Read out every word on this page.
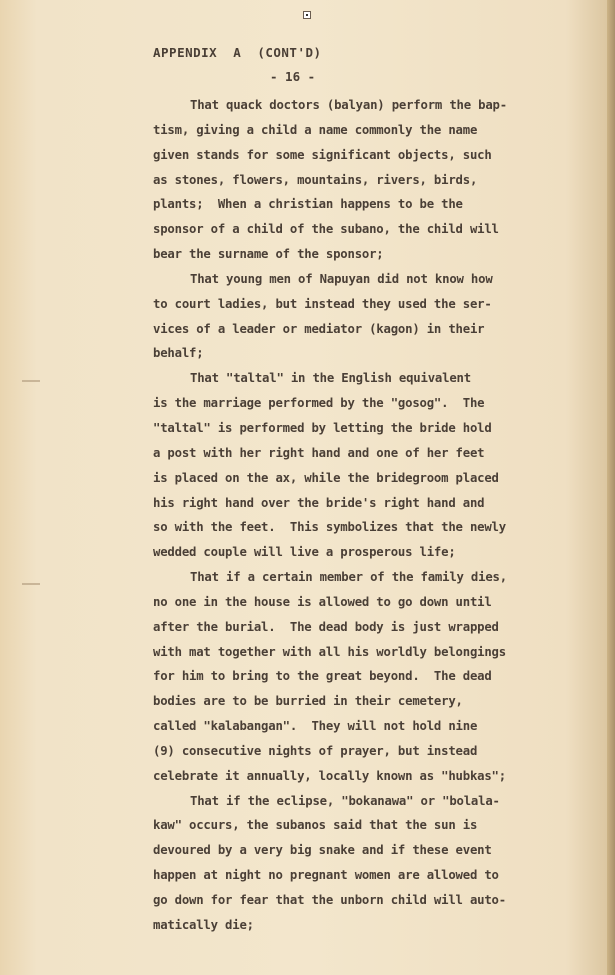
APPENDIX  A  (CONT'D)
- 16 -
That quack doctors (balyan) perform the bap-
tism, giving a child a name commonly the name
given stands for some significant objects, such
as stones, flowers, mountains, rivers, birds,
plants;  When a christian happens to be the
sponsor of a child of the subano, the child will
bear the surname of the sponsor;
That young men of Napuyan did not know how
to court ladies, but instead they used the ser-
vices of a leader or mediator (kagon) in their
behalf;
That "taltal" in the English equivalent
is the marriage performed by the "gosog".  The
"taltal" is performed by letting the bride hold
a post with her right hand and one of her feet
is placed on the ax, while the bridegroom placed
his right hand over the bride's right hand and
so with the feet.  This symbolizes that the newly
wedded couple will live a prosperous life;
That if a certain member of the family dies,
no one in the house is allowed to go down until
after the burial.  The dead body is just wrapped
with mat together with all his worldly belongings
for him to bring to the great beyond.  The dead
bodies are to be burried in their cemetery,
called "kalabangan".  They will not hold nine
(9) consecutive nights of prayer, but instead
celebrate it annually, locally known as "hubkas";
That if the eclipse, "bokanawa" or "bolala-
kaw" occurs, the subanos said that the sun is
devoured by a very big snake and if these event
happen at night no pregnant women are allowed to
go down for fear that the unborn child will auto-
matically die;
